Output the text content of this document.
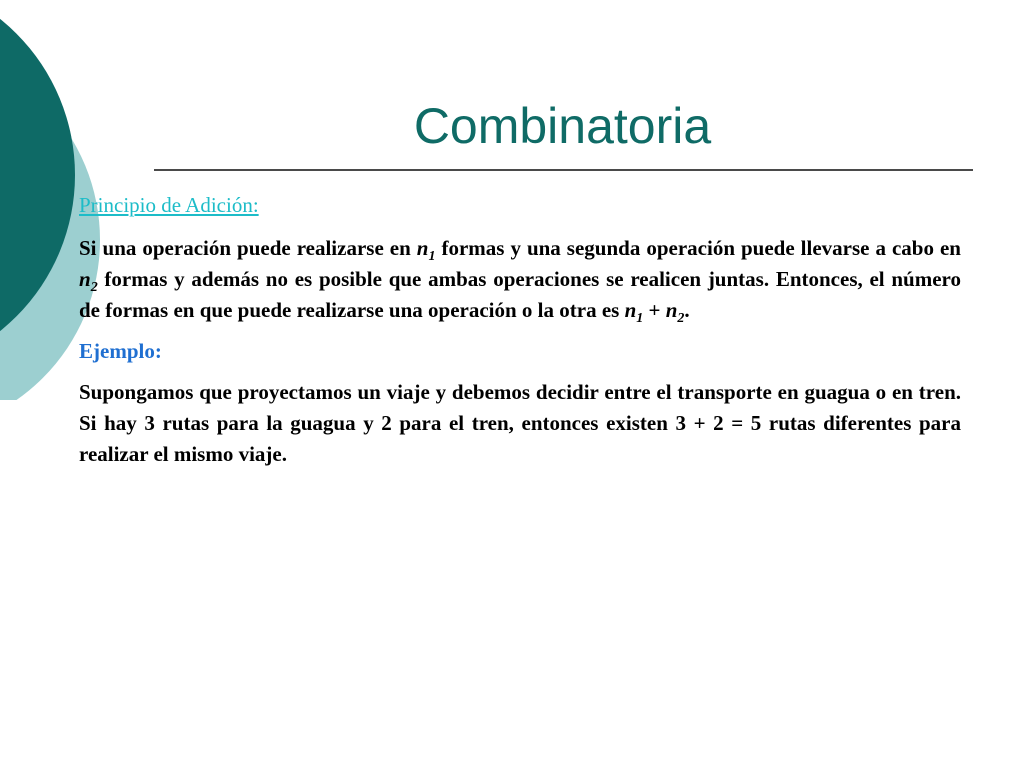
Combinatoria
Principio de Adición:

Si una operación puede realizarse en $n_1$ formas y una segunda operación puede llevarse a cabo en $n_2$ formas y además no es posible que ambas operaciones se realicen juntas. Entonces, el número de formas en que puede realizarse una operación o la otra es $n_1 + n_2$.

Ejemplo:

Supongamos que proyectamos un viaje y debemos decidir entre el transporte en guagua o en tren. Si hay 3 rutas para la guagua y 2 para el tren, entonces existen 3 + 2 = 5 rutas diferentes para realizar el mismo viaje.
